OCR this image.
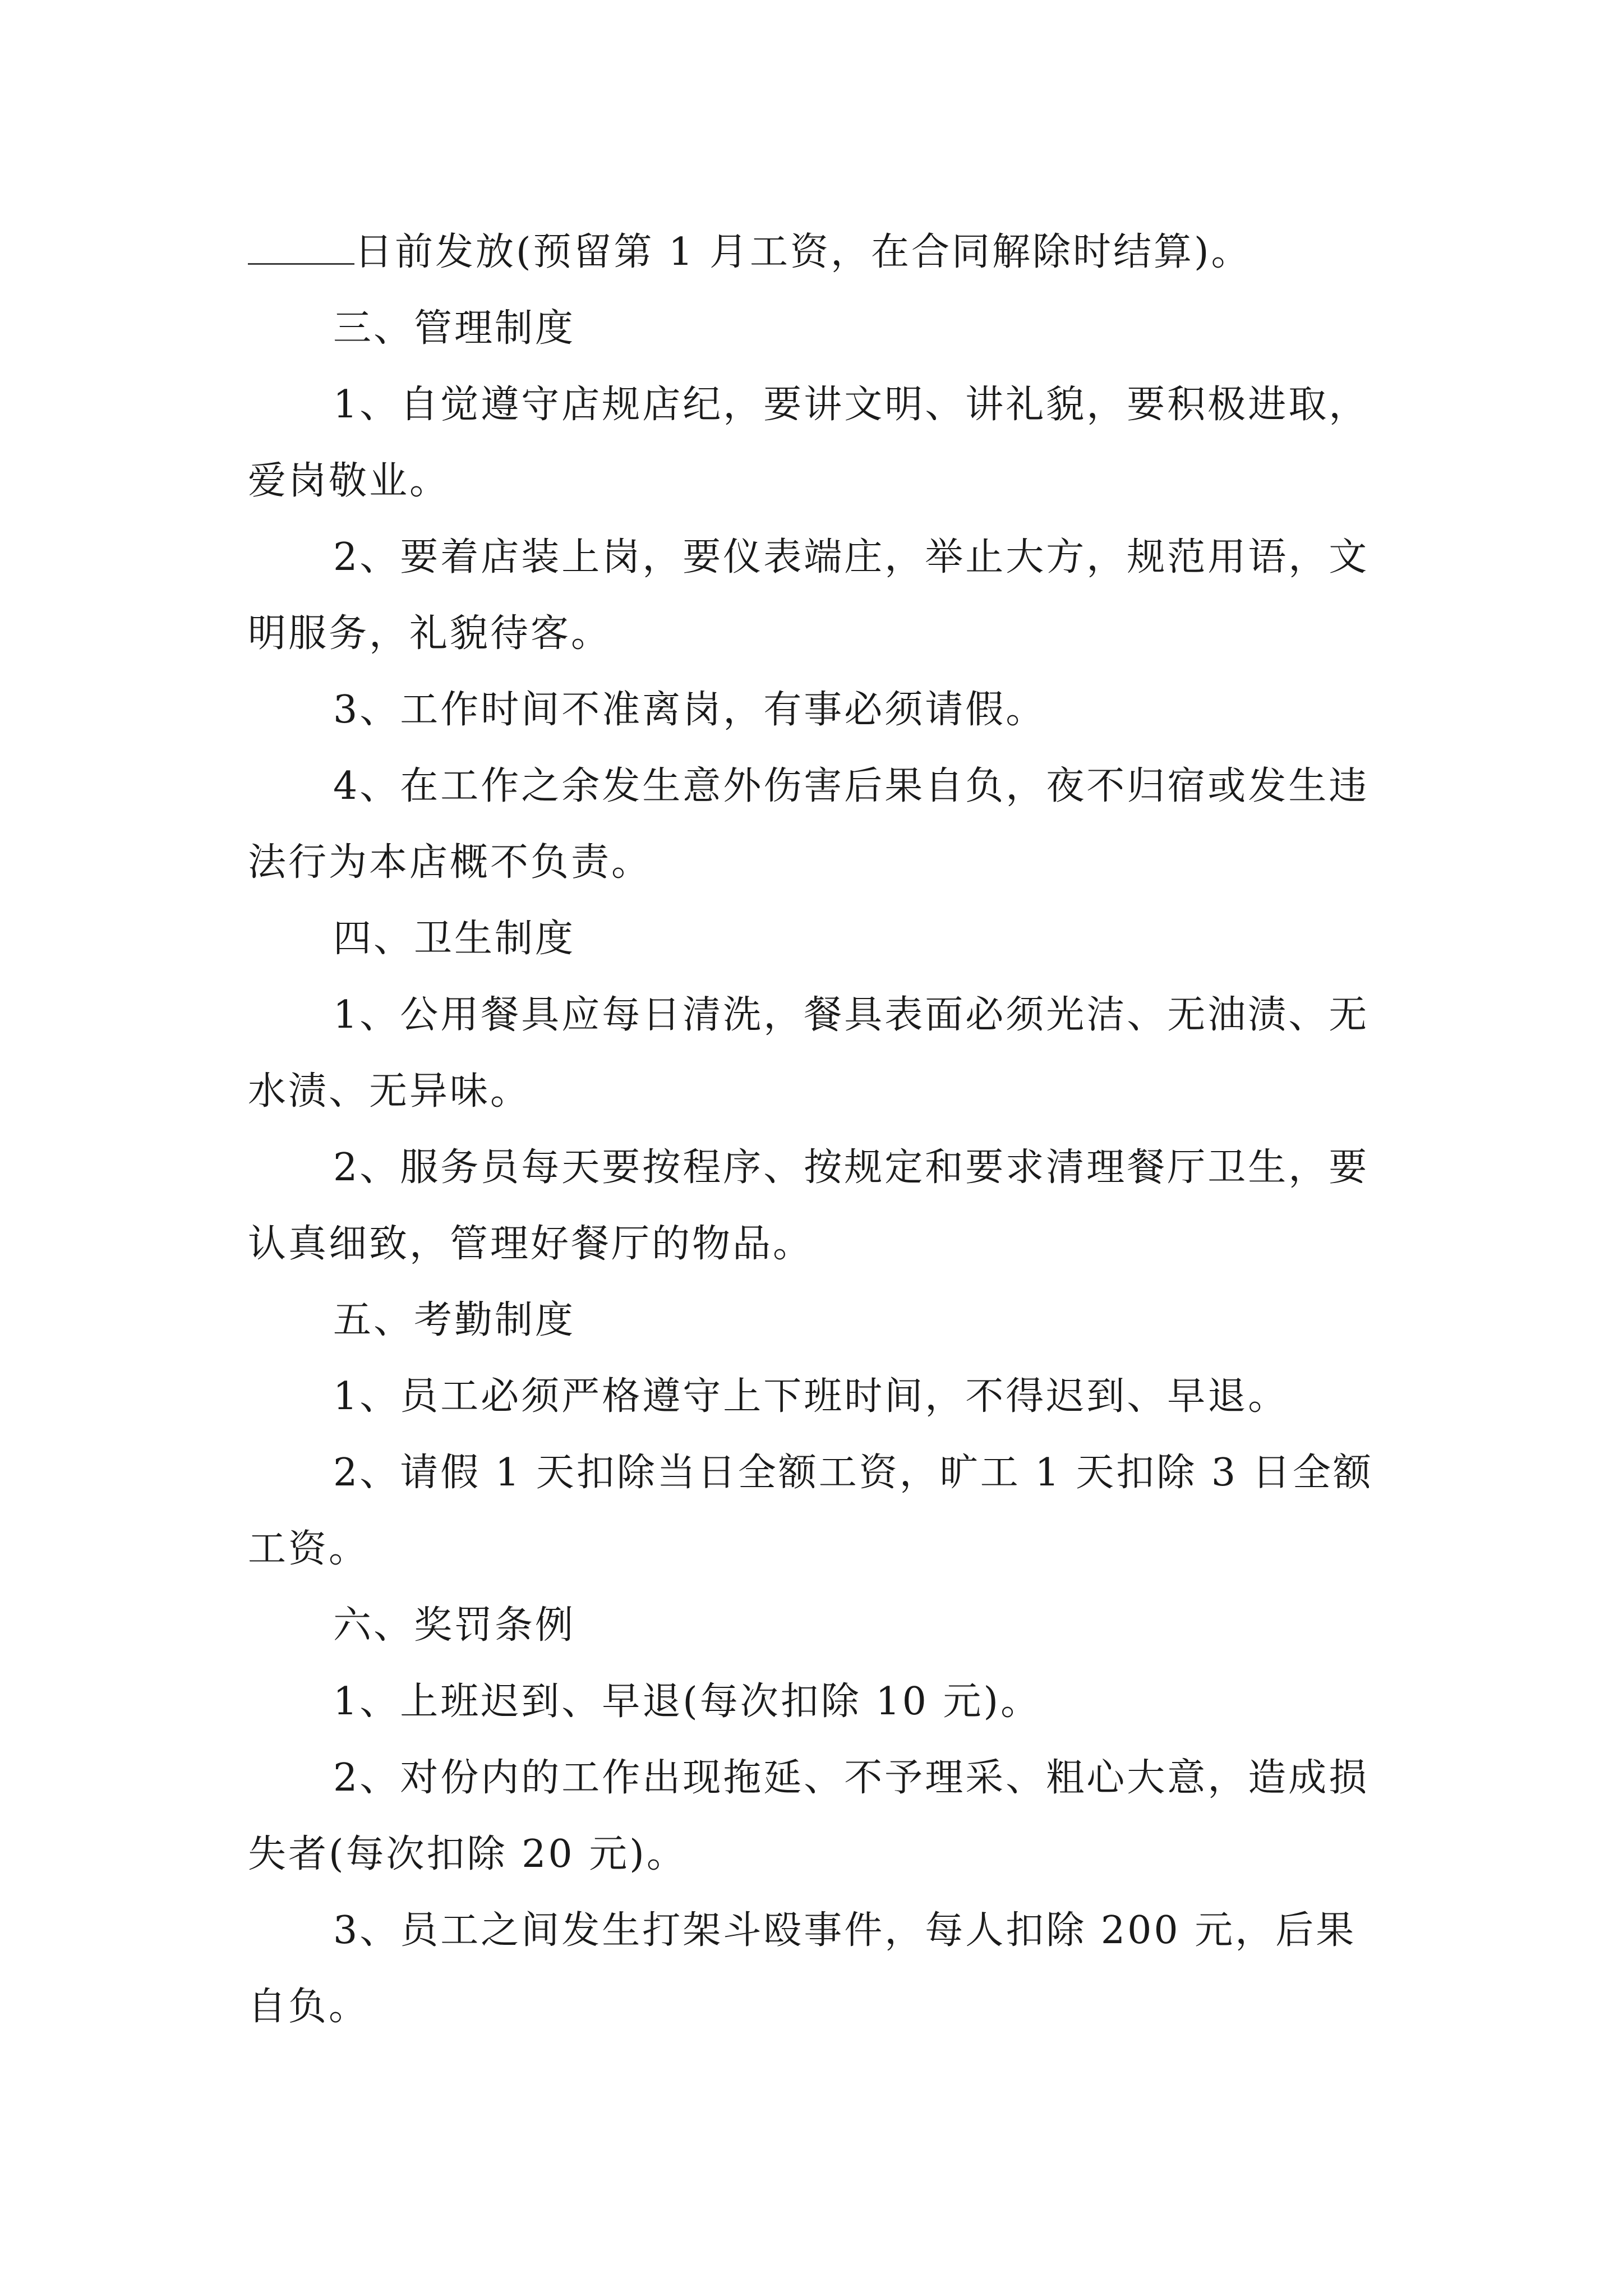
日前发放(预留第 1 月工资，在合同解除时结算)。

三、管理制度

1、自觉遵守店规店纪，要讲文明、讲礼貌，要积极进取，爱岗敬业。

2、要着店装上岗，要仪表端庄，举止大方，规范用语，文明服务，礼貌待客。

3、工作时间不准离岗，有事必须请假。

4、在工作之余发生意外伤害后果自负，夜不归宿或发生违法行为本店概不负责。

四、卫生制度

1、公用餐具应每日清洗，餐具表面必须光洁、无油渍、无水渍、无异味。

2、服务员每天要按程序、按规定和要求清理餐厅卫生，要认真细致，管理好餐厅的物品。

五、考勤制度

1、员工必须严格遵守上下班时间，不得迟到、早退。

2、请假 1 天扣除当日全额工资，旷工 1 天扣除 3 日全额工资。

六、奖罚条例

1、上班迟到、早退(每次扣除 10 元)。

2、对份内的工作出现拖延、不予理采、粗心大意，造成损失者(每次扣除 20 元)。

3、员工之间发生打架斗殴事件，每人扣除 200 元，后果自负。
